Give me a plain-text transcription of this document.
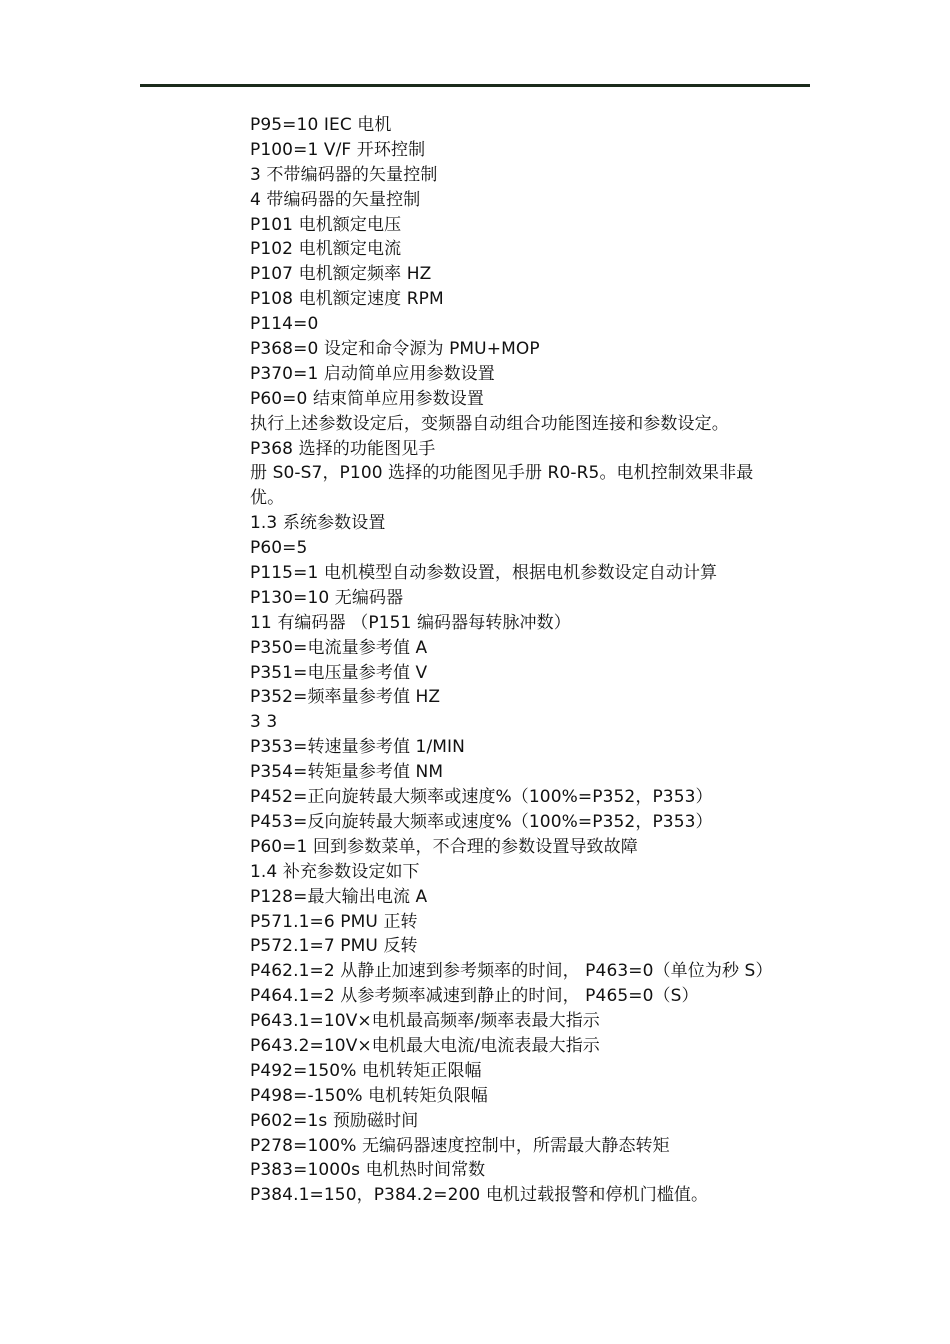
P95=10 IEC 电机
P100=1 V/F 开环控制
3 不带编码器的矢量控制
4 带编码器的矢量控制
P101 电机额定电压
P102 电机额定电流
P107 电机额定频率 HZ
P108 电机额定速度 RPM
P114=0
P368=0 设定和命令源为 PMU+MOP
P370=1 启动简单应用参数设置
P60=0 结束简单应用参数设置
执行上述参数设定后，变频器自动组合功能图连接和参数设定。
P368 选择的功能图见手
册 S0-S7，P100 选择的功能图见手册 R0-R5。电机控制效果非最
优。
1.3 系统参数设置
P60=5
P115=1 电机模型自动参数设置，根据电机参数设定自动计算
P130=10 无编码器
11 有编码器 （P151 编码器每转脉冲数）
P350=电流量参考值 A
P351=电压量参考值 V
P352=频率量参考值 HZ
3 3
P353=转速量参考值 1/MIN
P354=转矩量参考值 NM
P452=正向旋转最大频率或速度%（100%=P352，P353）
P453=反向旋转最大频率或速度%（100%=P352，P353）
P60=1 回到参数菜单，不合理的参数设置导致故障
1.4 补充参数设定如下
P128=最大输出电流 A
P571.1=6 PMU 正转
P572.1=7 PMU 反转
P462.1=2 从静止加速到参考频率的时间， P463=0（单位为秒 S）
P464.1=2 从参考频率减速到静止的时间， P465=0（S）
P643.1=10V×电机最高频率/频率表最大指示
P643.2=10V×电机最大电流/电流表最大指示
P492=150% 电机转矩正限幅
P498=-150% 电机转矩负限幅
P602=1s 预励磁时间
P278=100% 无编码器速度控制中，所需最大静态转矩
P383=1000s 电机热时间常数
P384.1=150，P384.2=200 电机过载报警和停机门槛值。
